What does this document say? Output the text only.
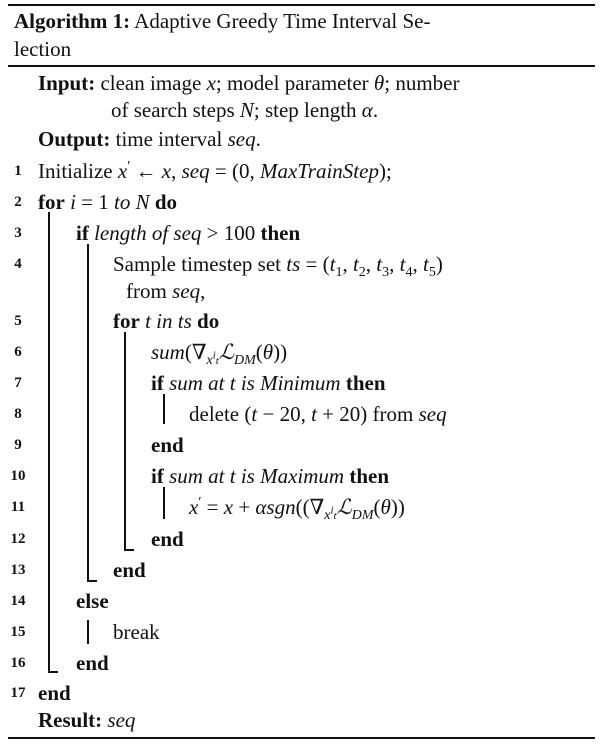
Algorithm 1: Adaptive Greedy Time Interval Se-
lection
Input: clean image x; model parameter θ; number
of search steps N; step length α.
Output: time interval seq.
1
2
3
4
5
6
7
8
9
10
11
12
13
14
15
16
17
Initialize x′ ← x, seq = (0, MaxTrainStep);
for i = 1 to N do
if length of seq > 100 then
Sample timestep set ts = ($t_1$, $t_2$, $t_3$, $t_4$, $t_5$)
from seq,
for t in ts do
$sum(\nabla_{x^it}ℒ_{DM}(\theta))$
if sum at t is Minimum then
delete (t − 20, t + 20) from seq
end
if sum at t is Maximum then
$x' = x + \alpha sgn((\nabla_{x^it}ℒ_{DM}(\theta))$
end
end
else
break
end
end
Result: seq
